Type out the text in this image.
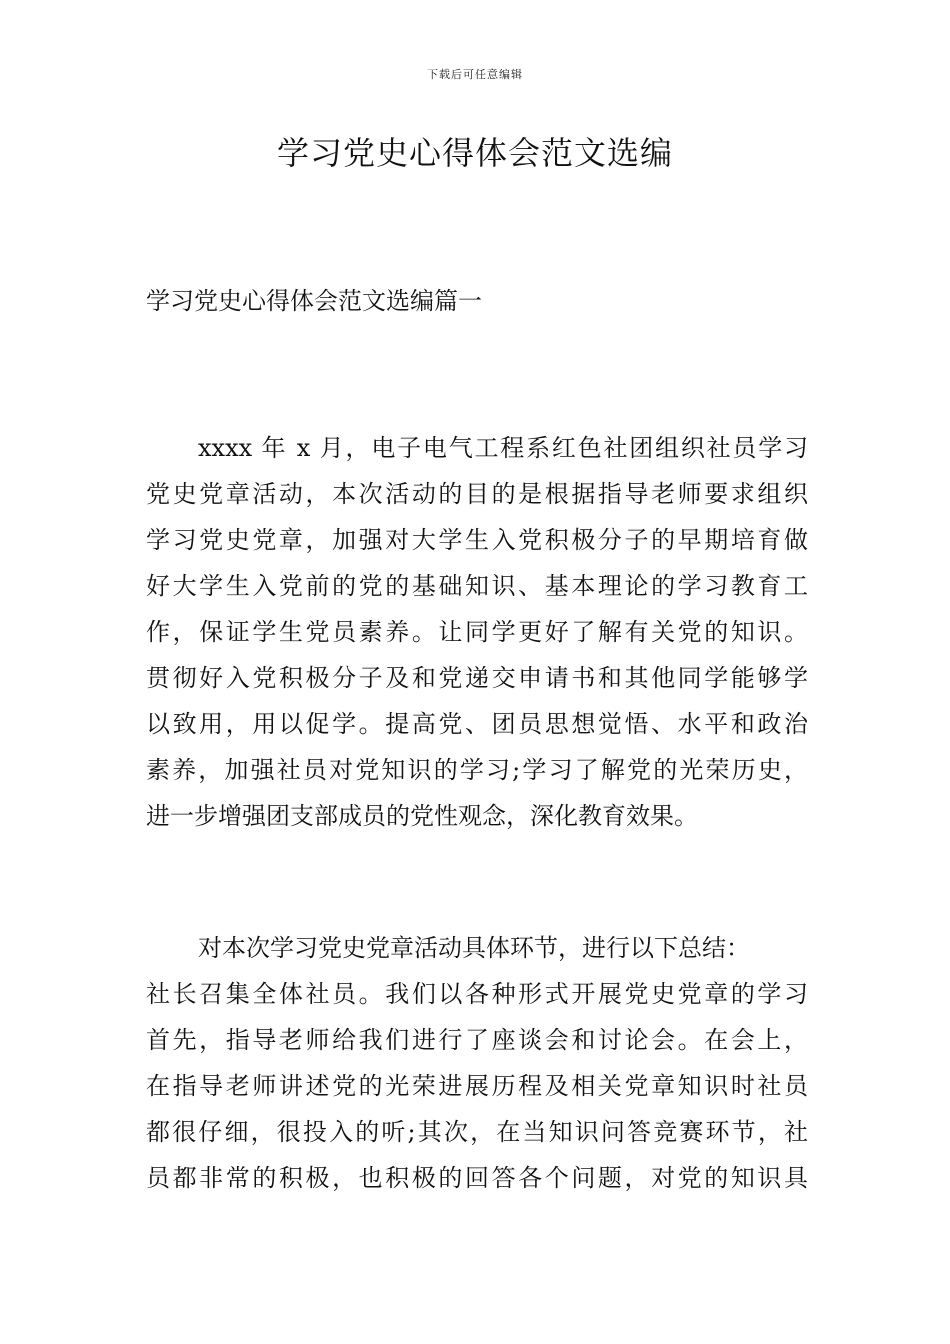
下载后可任意编辑
学习党史心得体会范文选编
学习党史心得体会范文选编篇一
xxxx 年 x 月，电子电气工程系红色社团组织社员学习
党史党章活动，本次活动的目的是根据指导老师要求组织
学习党史党章，加强对大学生入党积极分子的早期培育做
好大学生入党前的党的基础知识、基本理论的学习教育工
作，保证学生党员素养。让同学更好了解有关党的知识。
贯彻好入党积极分子及和党递交申请书和其他同学能够学
以致用，用以促学。提高党、团员思想觉悟、水平和政治
素养，加强社员对党知识的学习;学习了解党的光荣历史，
进一步增强团支部成员的党性观念，深化教育效果。
对本次学习党史党章活动具体环节，进行以下总结：
社长召集全体社员。我们以各种形式开展党史党章的学习
首先，指导老师给我们进行了座谈会和讨论会。在会上，
在指导老师讲述党的光荣进展历程及相关党章知识时社员
都很仔细，很投入的听;其次，在当知识问答竞赛环节，社
员都非常的积极，也积极的回答各个问题，对党的知识具
